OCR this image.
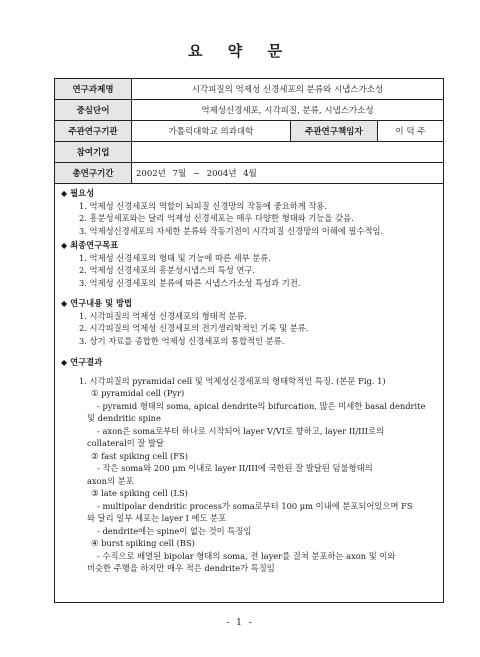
요 약 문
연구과제명	시각피질의 억제성 신경세포의 분류와 시냅스가소성		
중심단어	억제성신경세포, 시각피질, 분류, 시냅스가소성		
주관연구기관	가톨릭대학교 의과대학	주관연구책임자	이 덕 주
참여기업			
총연구기간	2002년 7월 ~ 2004년 4월		
◆ 필요성
1. 억제성 신경세포의 역할이 뇌피질 신경망의 작동에 중요하게 작용.
2. 흥분성세포와는 달리 억제성 신경세포는 매우 다양한 형태와 기능을 갖음.
3. 억제성신경세포의 자세한 분류와 작동기전이 시각피질 신경망의 이해에 필수적임.
◆ 최종연구목표
1. 억제성 신경세포의 형태 및 기능에 따른 세부 분류.
2. 억제성 신경세포의 흥분성시냅스의 특성 연구.
3. 억제성 신경세포의 분류에 따른 시냅스가소성 특성과 기전.
◆ 연구내용 및 방법
1. 시각피질의 억제성 신경세포의 형태적 분류.
2. 시각피질의 억제성 신경세포의 전기생리학적인 기록 및 분류.
3. 상기 자료를 종합한 억제성 신경세포의 통합적인 분류.
◆ 연구결과
1. 시각피질의 pyramidal cell 및 억제성신경세포의 형태학적인 특징. (본문 Fig. 1)
① pyramidal cell (Pyr)
- pyramid 형태의 soma, apical dendrite의 bifurcation, 많은 미세한 basal dendrite
및 dendritic spine
- axon은 soma로부터 하나로 시작되어 layer V/VI로 향하고, layer II/III로의
collateral이 잘 발달
② fast spiking cell (FS)
- 작은 soma와 200 μm 이내로 layer II/III에 국한된 잘 발달된 덤불형태의
axon의 분포
③ late spiking cell (LS)
- multipolar dendritic process가 soma로부터 100 μm 이내에 분포되어있으며 FS
와 달리 일부 세포는 layer I 에도 분포
- dendrite에는 spine이 없는 것이 특징임
④ burst spiking cell (BS)
- 수직으로 배열된 bipolar 형태의 soma, 전 layer를 걸쳐 분포하는 axon 및 이와
비슷한 주행을 하지만 매우 적은 dendrite가 특징임
- 1 -
